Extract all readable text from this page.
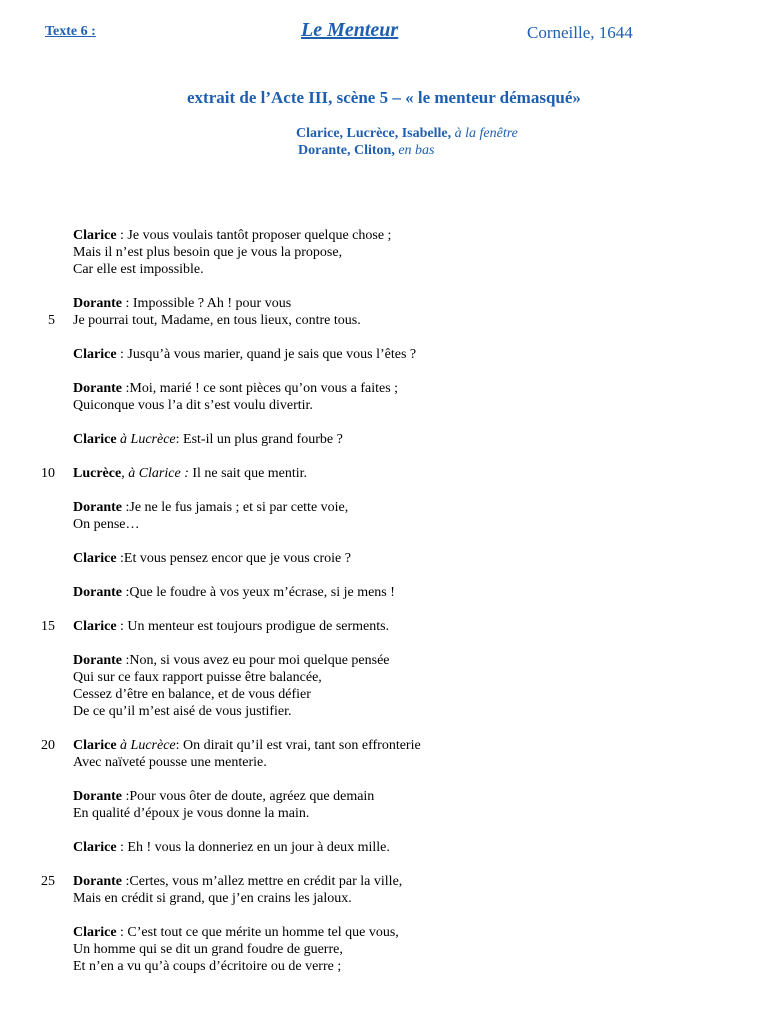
Texte 6 :	Le Menteur	Corneille, 1644
extrait de l’Acte III, scène 5 – « le menteur démasqué»
Clarice, Lucrèce, Isabelle, à la fenêtre
Dorante, Cliton, en bas
Clarice : Je vous voulais tantôt proposer quelque chose ;
Mais il n’est plus besoin que je vous la propose,
Car elle est impossible.
Dorante : Impossible ? Ah ! pour vous
5 Je pourrai tout, Madame, en tous lieux, contre tous.
Clarice : Jusqu’à vous marier, quand je sais que vous l’êtes ?
Dorante :Moi, marié ! ce sont pièces qu’on vous a faites ;
Quiconque vous l’a dit s’est voulu divertir.
Clarice à Lucrèce: Est-il un plus grand fourbe ?
10 Lucrèce, à Clarice : Il ne sait que mentir.
Dorante :Je ne le fus jamais ; et si par cette voie,
On pense…
Clarice :Et vous pensez encor que je vous croie ?
Dorante :Que le foudre à vos yeux m’écrase, si je mens !
15 Clarice : Un menteur est toujours prodigue de serments.
Dorante :Non, si vous avez eu pour moi quelque pensée
Qui sur ce faux rapport puisse être balancée,
Cessez d’être en balance, et de vous défier
De ce qu’il m’est aisé de vous justifier.
20 Clarice à Lucrèce: On dirait qu’il est vrai, tant son effronterie
Avec naïveté pousse une menterie.
Dorante :Pour vous ôter de doute, agréez que demain
En qualité d’époux je vous donne la main.
Clarice : Eh ! vous la donneriez en un jour à deux mille.
25 Dorante :Certes, vous m’allez mettre en crédit par la ville,
Mais en crédit si grand, que j’en crains les jaloux.
Clarice : C’est tout ce que mérite un homme tel que vous,
Un homme qui se dit un grand foudre de guerre,
Et n’en a vu qu’à coups d’écritoire ou de verre ;
